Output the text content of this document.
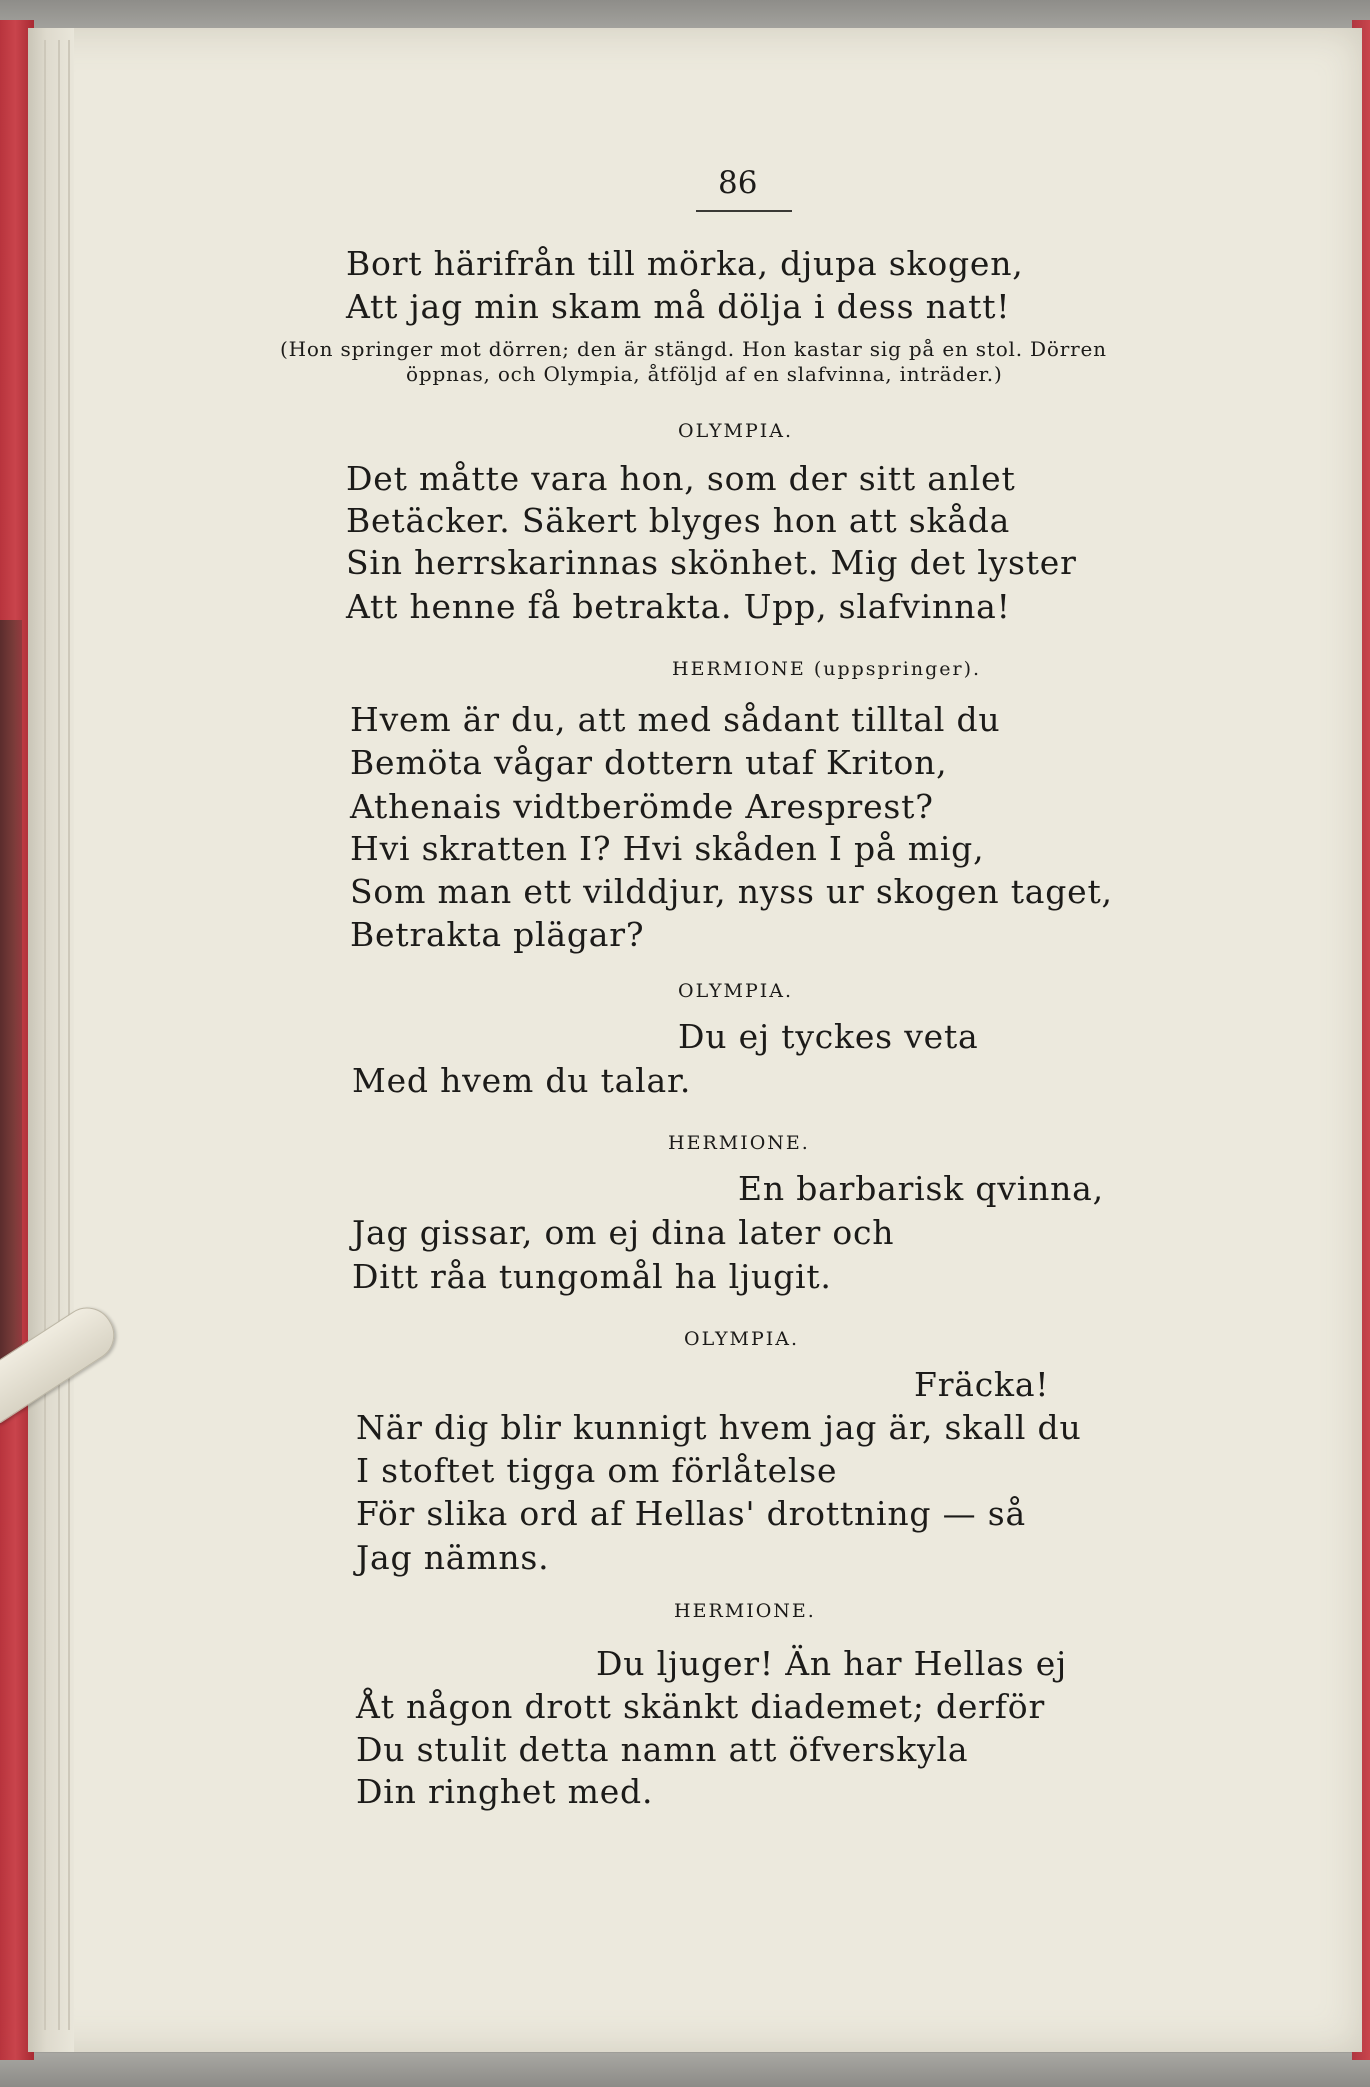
86
Bort härifrån till mörka, djupa skogen,
Att jag min skam må dölja i dess natt!
(Hon springer mot dörren; den är stängd. Hon kastar sig på en stol. Dörren
öppnas, och Olympia, åtföljd af en slafvinna, inträder.)
OLYMPIA.
Det måtte vara hon, som der sitt anlet
Betäcker. Säkert blyges hon att skåda
Sin herrskarinnas skönhet. Mig det lyster
Att henne få betrakta. Upp, slafvinna!
HERMIONE (uppspringer).
Hvem är du, att med sådant tilltal du
Bemöta vågar dottern utaf Kriton,
Athenais vidtberömde Aresprest?
Hvi skratten I? Hvi skåden I på mig,
Som man ett vilddjur, nyss ur skogen taget,
Betrakta plägar?
OLYMPIA.
Du ej tyckes veta
Med hvem du talar.
HERMIONE.
En barbarisk qvinna,
Jag gissar, om ej dina later och
Ditt råa tungomål ha ljugit.
OLYMPIA.
Fräcka!
När dig blir kunnigt hvem jag är, skall du
I stoftet tigga om förlåtelse
För slika ord af Hellas' drottning — så
Jag nämns.
HERMIONE.
Du ljuger! Än har Hellas ej
Åt någon drott skänkt diademet; derför
Du stulit detta namn att öfverskyla
Din ringhet med.
